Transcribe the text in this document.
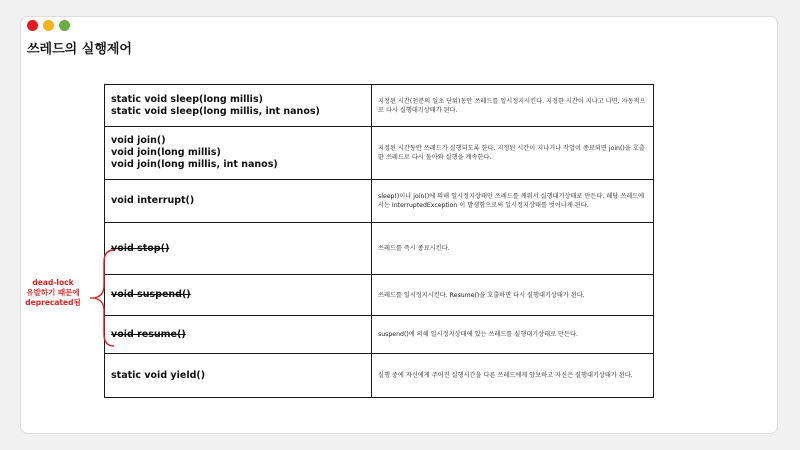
쓰레드의 실행제어
static void sleep(long millis)
static void sleep(long millis, int nanos)	지정된 시간(천분의 일초 단위)동안 쓰레드를 일시정지시킨다. 지정한 시간이 지나고 나면, 자동적으로 다시 실행대기상태가 된다.

void join()
void join(long millis)
void join(long millis, int nanos)	지정된 시간동안 쓰레드가 실행되도록 한다. 지정된 시간이 지나거나 작업이 종료되면 join()을 호출한 쓰레드로 다시 돌아와 실행을 계속한다.

void interrupt()	sleep()이나 join()에 의해 일시정지상태인 쓰레드를 깨워서 실행대기상태로 만든다. 해당 쓰레드에서는 InterruptedException 이 발생함으로써 일시정지상태를 벗어나게 된다.

void stop()	쓰레드를 즉시 종료시킨다.

void suspend()	쓰레드를 일시정지시킨다. Resume()을 호출하면 다시 실행대기상태가 된다.

void resume()	suspend()에 의해 일시정지상태에 있는 쓰레드를 실행대기상태로 만든다.

static void yield()	실행 중에 자신에게 주어진 실행시간을 다른 쓰레드에게 양보하고 자신은 실행대기상태가 된다.
dead-lock
유발하기 때문에
deprecated됨
